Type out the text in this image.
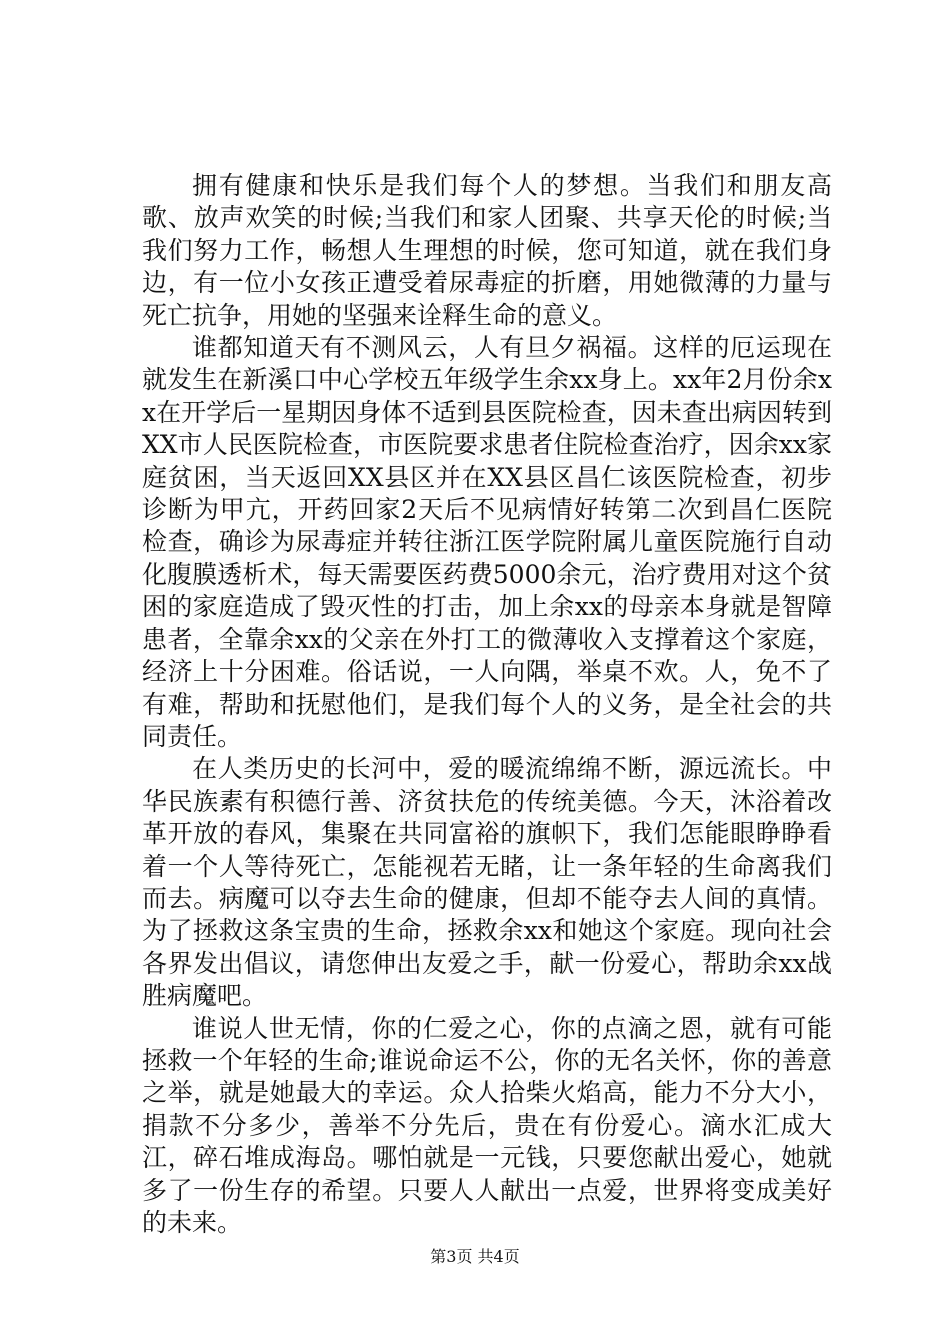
拥有健康和快乐是我们每个人的梦想。当我们和朋友高歌、放声欢笑的时候;当我们和家人团聚、共享天伦的时候;当我们努力工作，畅想人生理想的时候，您可知道，就在我们身边，有一位小女孩正遭受着尿毒症的折磨，用她微薄的力量与死亡抗争，用她的坚强来诠释生命的意义。

谁都知道天有不测风云，人有旦夕祸福。这样的厄运现在就发生在新溪口中心学校五年级学生余xx身上。xx年2月份余xx在开学后一星期因身体不适到县医院检查，因未查出病因转到XX市人民医院检查，市医院要求患者住院检查治疗，因余xx家庭贫困，当天返回XX县区并在XX县区昌仁该医院检查，初步诊断为甲亢，开药回家2天后不见病情好转第二次到昌仁医院检查，确诊为尿毒症并转往浙江医学院附属儿童医院施行自动化腹膜透析术，每天需要医药费5000余元，治疗费用对这个贫困的家庭造成了毁灭性的打击，加上余xx的母亲本身就是智障患者，全靠余xx的父亲在外打工的微薄收入支撑着这个家庭，经济上十分困难。俗话说，一人向隅，举桌不欢。人，免不了有难，帮助和抚慰他们，是我们每个人的义务，是全社会的共同责任。

在人类历史的长河中，爱的暖流绵绵不断，源远流长。中华民族素有积德行善、济贫扶危的传统美德。今天，沐浴着改革开放的春风，集聚在共同富裕的旗帜下，我们怎能眼睁睁看着一个人等待死亡，怎能视若无睹，让一条年轻的生命离我们而去。病魔可以夺去生命的健康，但却不能夺去人间的真情。为了拯救这条宝贵的生命，拯救余xx和她这个家庭。现向社会各界发出倡议，请您伸出友爱之手，献一份爱心，帮助余xx战胜病魔吧。

谁说人世无情，你的仁爱之心，你的点滴之恩，就有可能拯救一个年轻的生命;谁说命运不公，你的无名关怀，你的善意之举，就是她最大的幸运。众人拾柴火焰高，能力不分大小，捐款不分多少，善举不分先后，贵在有份爱心。滴水汇成大江，碎石堆成海岛。哪怕就是一元钱，只要您献出爱心，她就多了一份生存的希望。只要人人献出一点爱，世界将变成美好的未来。

第3页 共4页
